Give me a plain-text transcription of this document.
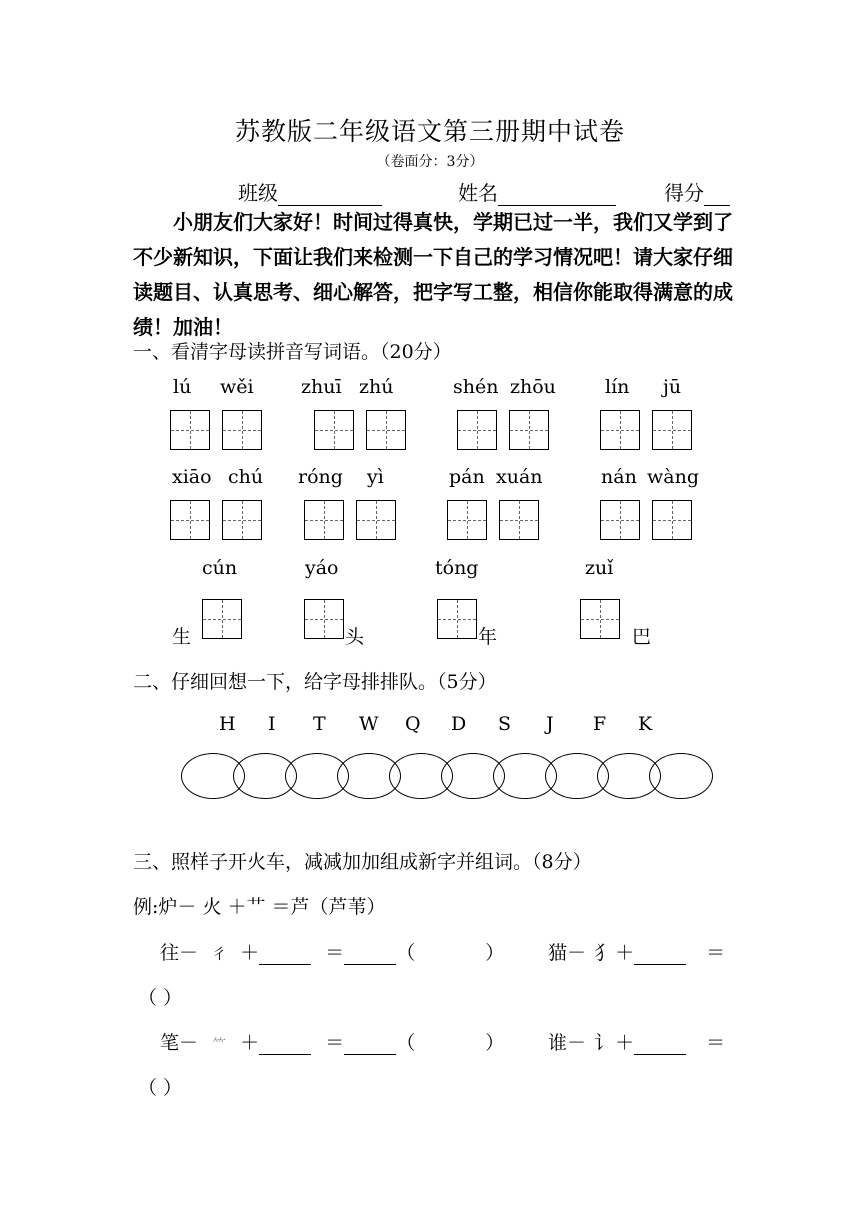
苏教版二年级语文第三册期中试卷
（卷面分：3分）
班级	姓名	得分

小朋友们大家好！时间过得真快，学期已过一半，我们又学到了不少新知识，下面让我们来检测一下自己的学习情况吧！请大家仔细读题目、认真思考、细心解答，把字写工整，相信你能取得满意的成绩！加油！

一、看清字母读拼音写词语。（20分）
lú wěi zhuī zhú	shén zhōu	lín jū
xiāo chú róng yì	pán xuán	nán wàng
cún	yáo	tóng	zuǐ
生	头	年	巴
二、仔细回想一下，给字母排排队。（5分）
H I T W Q D S J F K
三、照样子开火车，减减加加组成新字并组词。（8分）
例:炉－ 火 ＋艹 ＝芦（芦苇）
往－ 彳 ＋	＝	（	） 猫－ 犭 ＋	＝
（ ）
笔－ ⺮ ＋	＝	（	） 谁－ 讠 ＋	＝
（ ）
